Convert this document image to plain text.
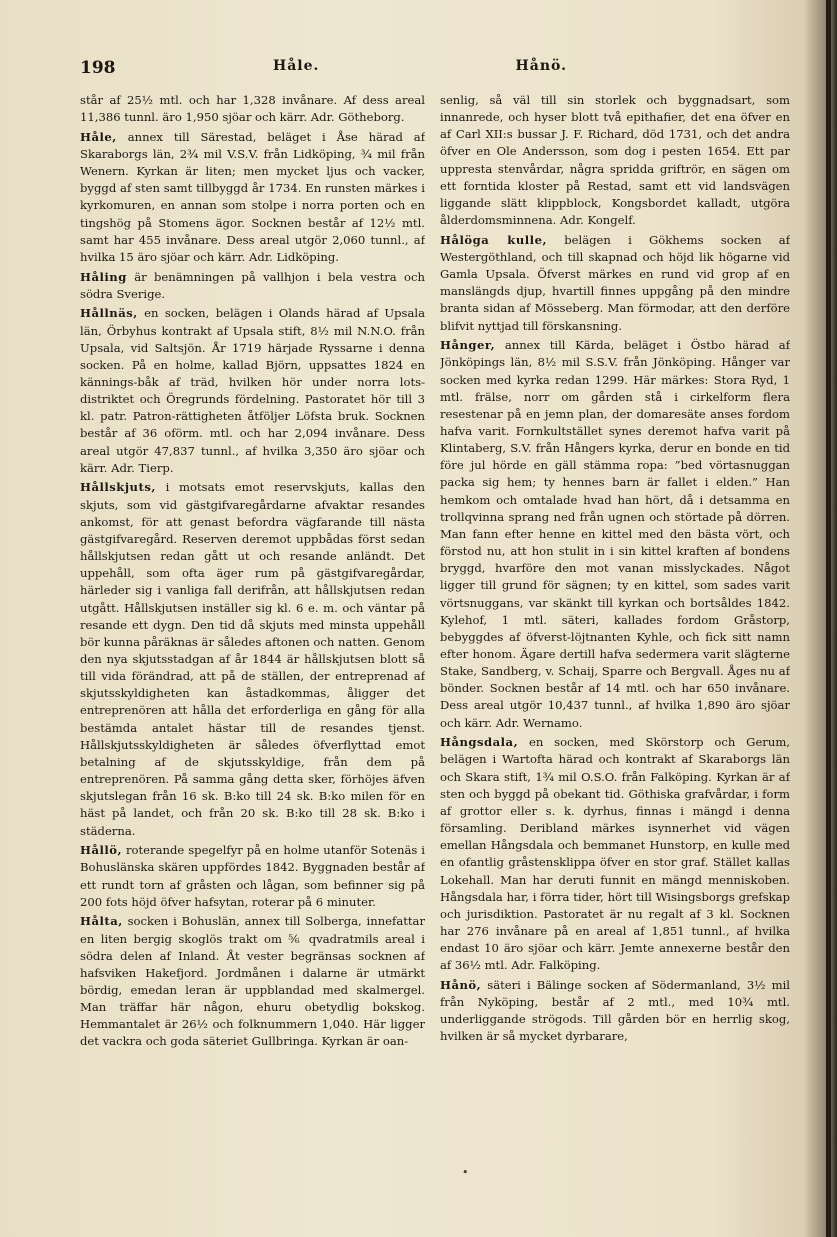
198	Håle.	Hånö.

står af 25½ mtl. och har 1,328 invånare. Af dess areal 11,386 tunnl. äro 1,950 sjöar och kärr. Adr. Götheborg.

Håle, annex till Särestad, beläget i Åse härad af Skaraborgs län, 2¾ mil V.S.V. från Lidköping, ¾ mil från Wenern. Kyrkan är liten; men mycket ljus och vacker, byggd af sten samt tillbyggd år 1734. En runsten märkes i kyrkomuren, en annan som stolpe i norra porten och en tingshög på Stomens ägor. Socknen består af 12½ mtl. samt har 455 invånare. Dess areal utgör 2,060 tunnl., af hvilka 15 äro sjöar och kärr. Adr. Lidköping.

Håling är benämningen på vallhjon i bela vestra och södra Sverige.

Hållnäs, en socken, belägen i Olands härad af Upsala län, Örbyhus kontrakt af Upsala stift, 8½ mil N.N.O. från Upsala, vid Saltsjön. År 1719 härjade Ryssarne i denna socken. På en holme, kallad Björn, uppsattes 1824 en kännings-båk af träd, hvilken hör under norra lots-distriktet och Öregrunds fördelning. Pastoratet hör till 3 kl. patr. Patron-rättigheten åtföljer Löfsta bruk. Socknen består af 36 oförm. mtl. och har 2,094 invånare. Dess areal utgör 47,837 tunnl., af hvilka 3,350 äro sjöar och kärr. Adr. Tierp.

Hållskjuts, i motsats emot reservskjuts, kallas den skjuts, som vid gästgifvaregårdarne afvaktar resandes ankomst, för att genast befordra vägfarande till nästa gästgifvaregård. Reserven deremot uppbådas först sedan hållskjutsen redan gått ut och resande anländt. Det uppehåll, som ofta äger rum på gästgifvaregårdar, härleder sig i vanliga fall derifrån, att hållskjutsen redan utgått. Hållskjutsen inställer sig kl. 6 e. m. och väntar på resande ett dygn. Den tid då skjuts med minsta uppehåll bör kunna påräknas är således aftonen och natten. Genom den nya skjutsstadgan af år 1844 är hållskjutsen blott så till vida förändrad, att på de ställen, der entreprenad af skjutsskyldigheten kan åstadkommas, åligger det entreprenören att hålla det erforderliga en gång för alla bestämda antalet hästar till de resandes tjenst. Hållskjutsskyldigheten är således öfverflyttad emot betalning af de skjutsskyldige, från dem på entreprenören. På samma gång detta sker, förhöjes äfven skjutslegan från 16 sk. B:ko till 24 sk. B:ko milen för en häst på landet, och från 20 sk. B:ko till 28 sk. B:ko i städerna.

Hållö, roterande spegelfyr på en holme utanför Sotenäs i Bohuslänska skären uppfördes 1842. Byggnaden består af ett rundt torn af gråsten och lågan, som befinner sig på 200 fots höjd öfver hafsytan, roterar på 6 minuter.

Hålta, socken i Bohuslän, annex till Solberga, innefattar en liten bergig skoglös trakt om ⅚ qvadratmils areal i södra delen af Inland. Åt vester begränsas socknen af hafsviken Hakefjord. Jordmånen i dalarne är utmärkt bördig, emedan leran är uppblandad med skalmergel. Man träffar här någon, ehuru obetydlig bokskog. Hemmantalet är 26½ och folknummern 1,040. Här ligger det vackra och goda säteriet Gullbringa. Kyrkan är oan-

senlig, så väl till sin storlek och byggnadsart, som innanrede, och hyser blott två epithafier, det ena öfver en af Carl XII:s bussar J. F. Richard, död 1731, och det andra öfver en Ole Andersson, som dog i pesten 1654. Ett par uppresta stenvårdar, några spridda griftrör, en sägen om ett forntida kloster på Restad, samt ett vid landsvägen liggande slätt klippblock, Kongsbordet kalladt, utgöra ålderdomsminnena. Adr. Kongelf.

Hålöga kulle, belägen i Gökhems socken af Westergöthland, och till skapnad och höjd lik högarne vid Gamla Upsala. Öfverst märkes en rund vid grop af en manslängds djup, hvartill finnes uppgång på den mindre branta sidan af Mösseberg. Man förmodar, att den derföre blifvit nyttjad till förskansning.

Hånger, annex till Kärda, beläget i Östbo härad af Jönköpings län, 8½ mil S.S.V. från Jönköping. Hånger var socken med kyrka redan 1299. Här märkes: Stora Ryd, 1 mtl. frälse, norr om gården stå i cirkelform flera resestenar på en jemn plan, der domaresäte anses fordom hafva varit. Fornkultstället synes deremot hafva varit på Klintaberg, S.V. från Hångers kyrka, derur en bonde en tid före jul hörde en gäll stämma ropa: ”bed vörtasnuggan packa sig hem; ty hennes barn är fallet i elden.” Han hemkom och omtalade hvad han hört, då i detsamma en trollqvinna sprang ned från ugnen och störtade på dörren. Man fann efter henne en kittel med den bästa vört, och förstod nu, att hon stulit in i sin kittel kraften af bondens bryggd, hvarföre den mot vanan misslyckades. Något ligger till grund för sägnen; ty en kittel, som sades varit vörtsnuggans, var skänkt till kyrkan och bortsåldes 1842. Kylehof, 1 mtl. säteri, kallades fordom Gråstorp, bebyggdes af öfverst-löjtnanten Kyhle, och fick sitt namn efter honom. Ägare dertill hafva sedermera varit slägterne Stake, Sandberg, v. Schaij, Sparre och Bergvall. Åges nu af bönder. Socknen består af 14 mtl. och har 650 invånare. Dess areal utgör 10,437 tunnl., af hvilka 1,890 äro sjöar och kärr. Adr. Wernamo.

Hångsdala, en socken, med Skörstorp och Gerum, belägen i Wartofta härad och kontrakt af Skaraborgs län och Skara stift, 1¾ mil O.S.O. från Falköping. Kyrkan är af sten och byggd på obekant tid. Göthiska grafvårdar, i form af grottor eller s. k. dyrhus, finnas i mängd i denna församling. Deribland märkes isynnerhet vid vägen emellan Hångsdala och bemmanet Hunstorp, en kulle med en ofantlig gråstensklippa öfver en stor graf. Stället kallas Lokehall. Man har deruti funnit en mängd menniskoben. Hångsdala har, i förra tider, hört till Wisingsborgs grefskap och jurisdiktion. Pastoratet är nu regalt af 3 kl. Socknen har 276 invånare på en areal af 1,851 tunnl., af hvilka endast 10 äro sjöar och kärr. Jemte annexerne består den af 36½ mtl. Adr. Falköping.

Hånö, säteri i Bälinge socken af Södermanland, 3½ mil från Nyköping, består af 2 mtl., med 10¾ mtl. underliggande strögods. Till gården bör en herrlig skog, hvilken är så mycket dyrbarare,

•
